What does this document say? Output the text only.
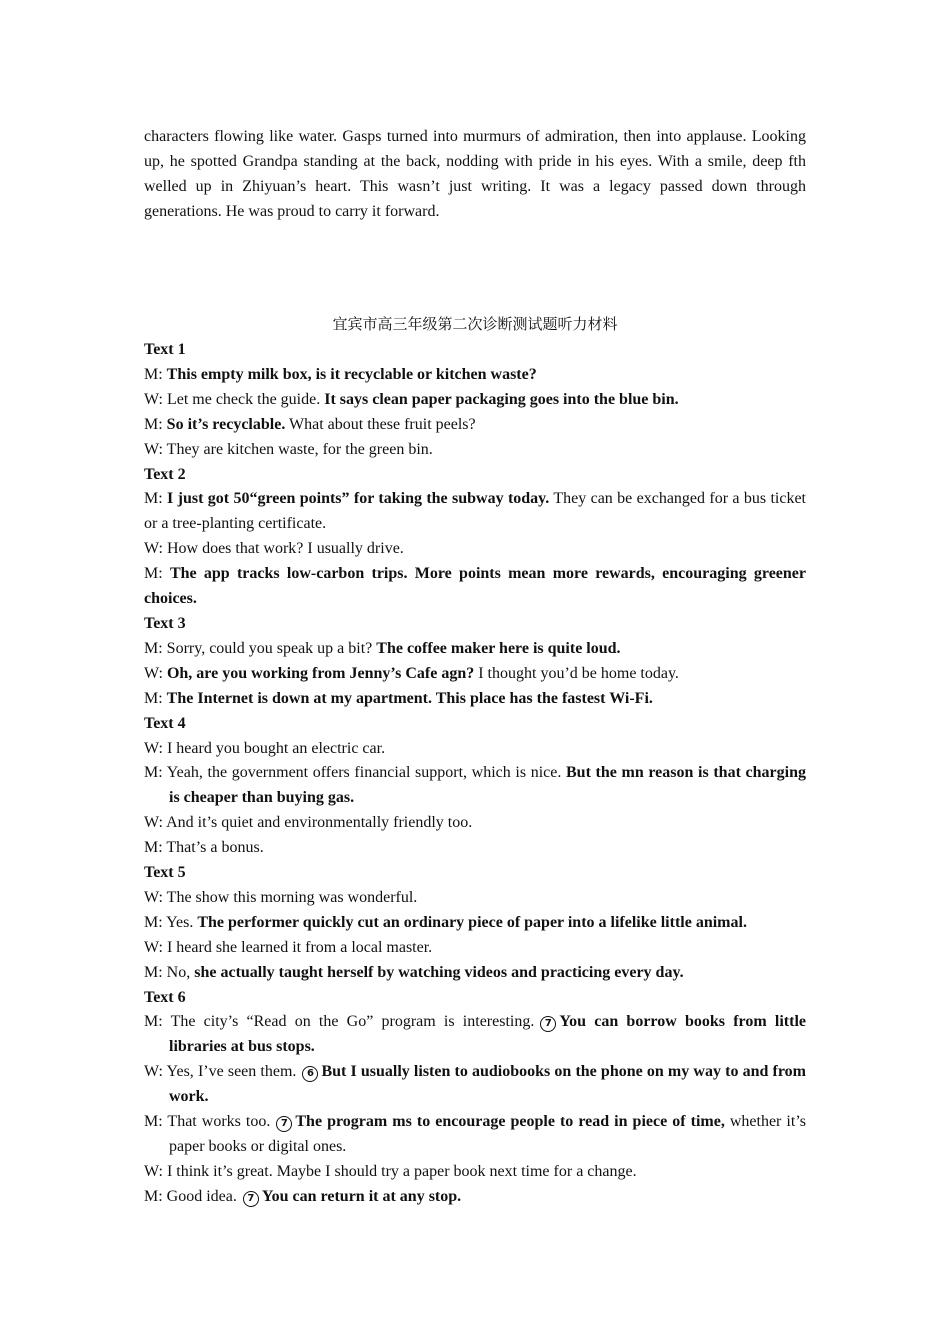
characters flowing like water. Gasps turned into murmurs of admiration, then into applause. Looking up, he spotted Grandpa standing at the back, nodding with pride in his eyes. With a smile, deep fth welled up in Zhiyuan’s heart. This wasn’t just writing. It was a legacy passed down through generations. He was proud to carry it forward.

宜宾市高三年级第二次诊断测试题听力材料

Text 1

M: This empty milk box, is it recyclable or kitchen waste?

W: Let me check the guide. It says clean paper packaging goes into the blue bin.

M: So it’s recyclable. What about these fruit peels?

W: They are kitchen waste, for the green bin.

Text 2

M: I just got 50“green points” for taking the subway today. They can be exchanged for a bus ticket or a tree-planting certificate.

W: How does that work? I usually drive.

M: The app tracks low-carbon trips. More points mean more rewards, encouraging greener choices.

Text 3

M: Sorry, could you speak up a bit? The coffee maker here is quite loud.

W: Oh, are you working from Jenny’s Cafe agn? I thought you’d be home today.

M: The Internet is down at my apartment. This place has the fastest Wi-Fi.

Text 4

W: I heard you bought an electric car.

M: Yeah, the government offers financial support, which is nice. But the mn reason is that charging is cheaper than buying gas.

W: And it’s quiet and environmentally friendly too.

M: That’s a bonus.

Text 5

W: The show this morning was wonderful.

M: Yes. The performer quickly cut an ordinary piece of paper into a lifelike little animal.

W: I heard she learned it from a local master.

M: No, she actually taught herself by watching videos and practicing every day.

Text 6

M: The city’s “Read on the Go” program is interesting. 7 You can borrow books from little libraries at bus stops.

W: Yes, I’ve seen them. 6 But I usually listen to audiobooks on the phone on my way to and from work.

M: That works too. 7 The program ms to encourage people to read in piece of time, whether it’s paper books or digital ones.

W: I think it’s great. Maybe I should try a paper book next time for a change.

M: Good idea. 7 You can return it at any stop.
